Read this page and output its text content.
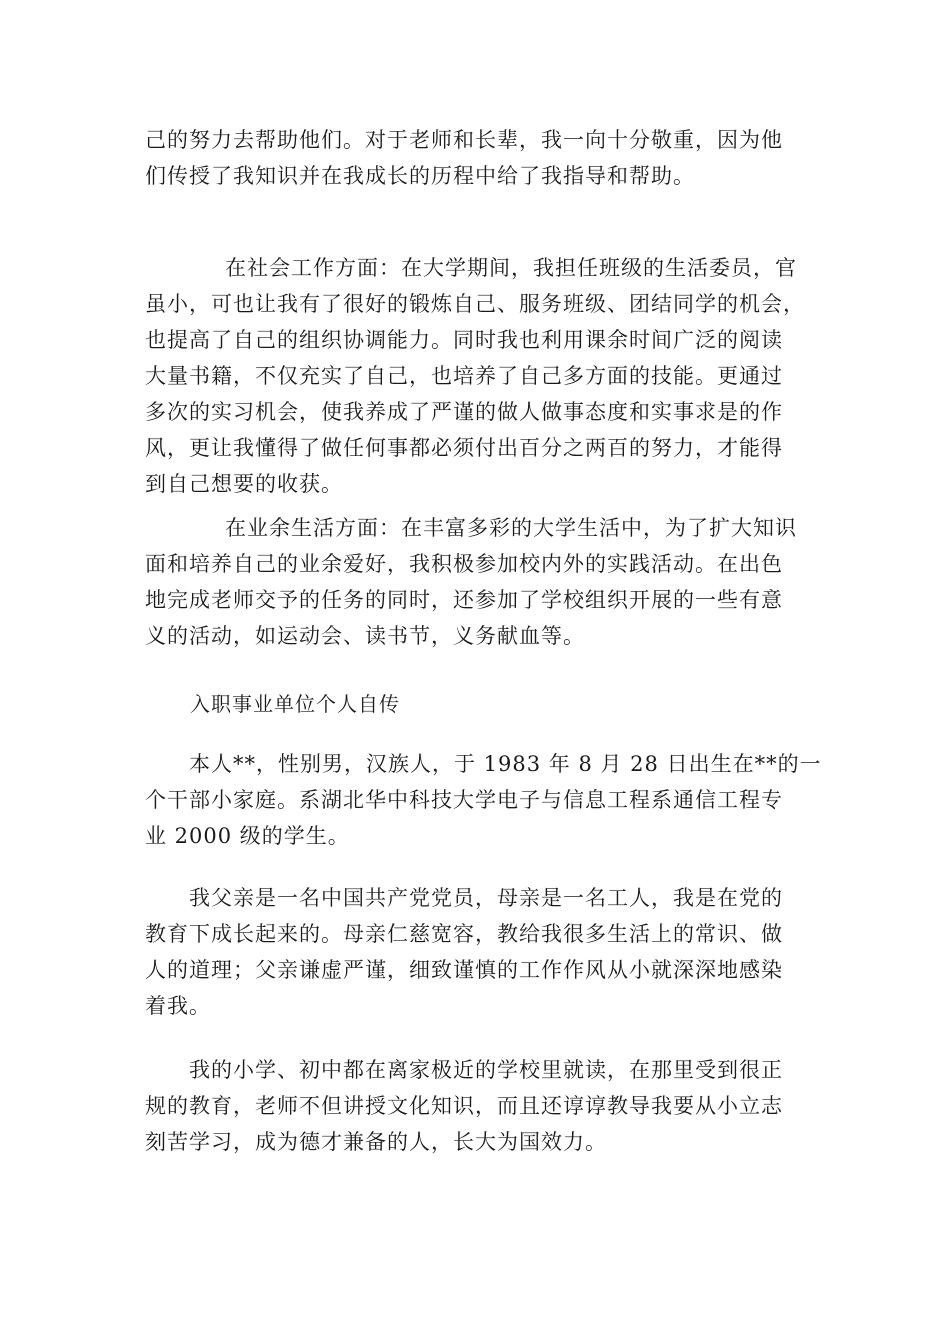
己的努力去帮助他们。对于老师和长辈，我一向十分敬重，因为他
们传授了我知识并在我成长的历程中给了我指导和帮助。
在社会工作方面：在大学期间，我担任班级的生活委员，官
虽小，可也让我有了很好的锻炼自己、服务班级、团结同学的机会，
也提高了自己的组织协调能力。同时我也利用课余时间广泛的阅读
大量书籍，不仅充实了自己，也培养了自己多方面的技能。更通过
多次的实习机会，使我养成了严谨的做人做事态度和实事求是的作
风，更让我懂得了做任何事都必须付出百分之两百的努力，才能得
到自己想要的收获。
在业余生活方面：在丰富多彩的大学生活中，为了扩大知识
面和培养自己的业余爱好，我积极参加校内外的实践活动。在出色
地完成老师交予的任务的同时，还参加了学校组织开展的一些有意
义的活动，如运动会、读书节，义务献血等。
入职事业单位个人自传
本人**，性别男，汉族人，于 1983 年 8 月 28 日出生在**的一
个干部小家庭。系湖北华中科技大学电子与信息工程系通信工程专
业 2000 级的学生。
我父亲是一名中国共产党党员，母亲是一名工人，我是在党的
教育下成长起来的。母亲仁慈宽容，教给我很多生活上的常识、做
人的道理；父亲谦虚严谨，细致谨慎的工作作风从小就深深地感染
着我。
我的小学、初中都在离家极近的学校里就读，在那里受到很正
规的教育，老师不但讲授文化知识，而且还谆谆教导我要从小立志
刻苦学习，成为德才兼备的人，长大为国效力。
